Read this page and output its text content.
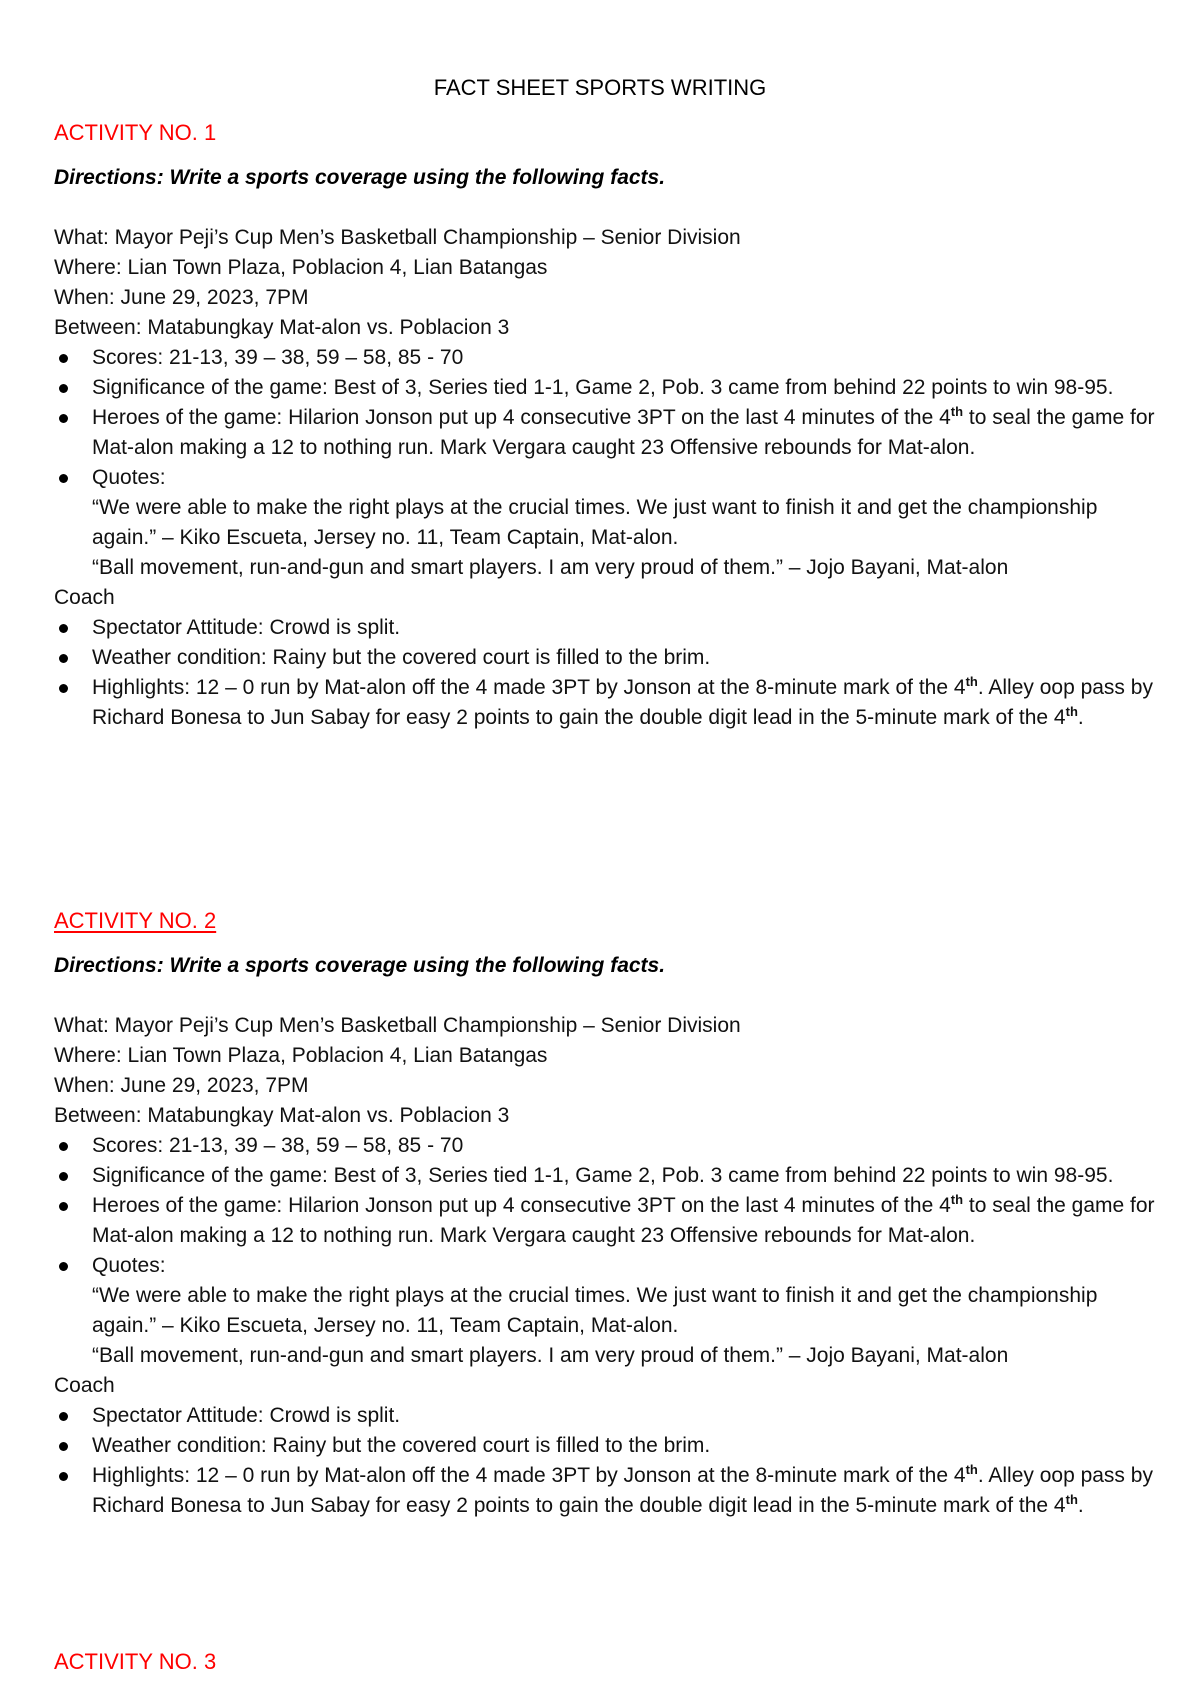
FACT SHEET SPORTS WRITING
ACTIVITY NO. 1
Directions: Write a sports coverage using the following facts.
What: Mayor Peji’s Cup Men’s Basketball Championship – Senior Division
Where: Lian Town Plaza, Poblacion 4, Lian Batangas
When: June 29, 2023, 7PM
Between: Matabungkay Mat-alon vs. Poblacion 3
Scores: 21-13, 39 – 38, 59 – 58, 85 - 70
Significance of the game: Best of 3, Series tied 1-1, Game 2, Pob. 3 came from behind 22 points to win 98-95.
Heroes of the game: Hilarion Jonson put up 4 consecutive 3PT on the last 4 minutes of the 4th to seal the game for Mat-alon making a 12 to nothing run. Mark Vergara caught 23 Offensive rebounds for Mat-alon.
Quotes:
“We were able to make the right plays at the crucial times. We just want to finish it and get the championship again.” – Kiko Escueta, Jersey no. 11, Team Captain, Mat-alon.
“Ball movement, run-and-gun and smart players. I am very proud of them.” – Jojo Bayani, Mat-alon
Coach
Spectator Attitude: Crowd is split.
Weather condition: Rainy but the covered court is filled to the brim.
Highlights: 12 – 0 run by Mat-alon off the 4 made 3PT by Jonson at the 8-minute mark of the 4th. Alley oop pass by Richard Bonesa to Jun Sabay for easy 2 points to gain the double digit lead in the 5-minute mark of the 4th.
ACTIVITY NO. 2
Directions: Write a sports coverage using the following facts.
What: Mayor Peji’s Cup Men’s Basketball Championship – Senior Division
Where: Lian Town Plaza, Poblacion 4, Lian Batangas
When: June 29, 2023, 7PM
Between: Matabungkay Mat-alon vs. Poblacion 3
Scores: 21-13, 39 – 38, 59 – 58, 85 - 70
Significance of the game: Best of 3, Series tied 1-1, Game 2, Pob. 3 came from behind 22 points to win 98-95.
Heroes of the game: Hilarion Jonson put up 4 consecutive 3PT on the last 4 minutes of the 4th to seal the game for Mat-alon making a 12 to nothing run. Mark Vergara caught 23 Offensive rebounds for Mat-alon.
Quotes:
“We were able to make the right plays at the crucial times. We just want to finish it and get the championship again.” – Kiko Escueta, Jersey no. 11, Team Captain, Mat-alon.
“Ball movement, run-and-gun and smart players. I am very proud of them.” – Jojo Bayani, Mat-alon
Coach
Spectator Attitude: Crowd is split.
Weather condition: Rainy but the covered court is filled to the brim.
Highlights: 12 – 0 run by Mat-alon off the 4 made 3PT by Jonson at the 8-minute mark of the 4th. Alley oop pass by Richard Bonesa to Jun Sabay for easy 2 points to gain the double digit lead in the 5-minute mark of the 4th.
ACTIVITY NO. 3
